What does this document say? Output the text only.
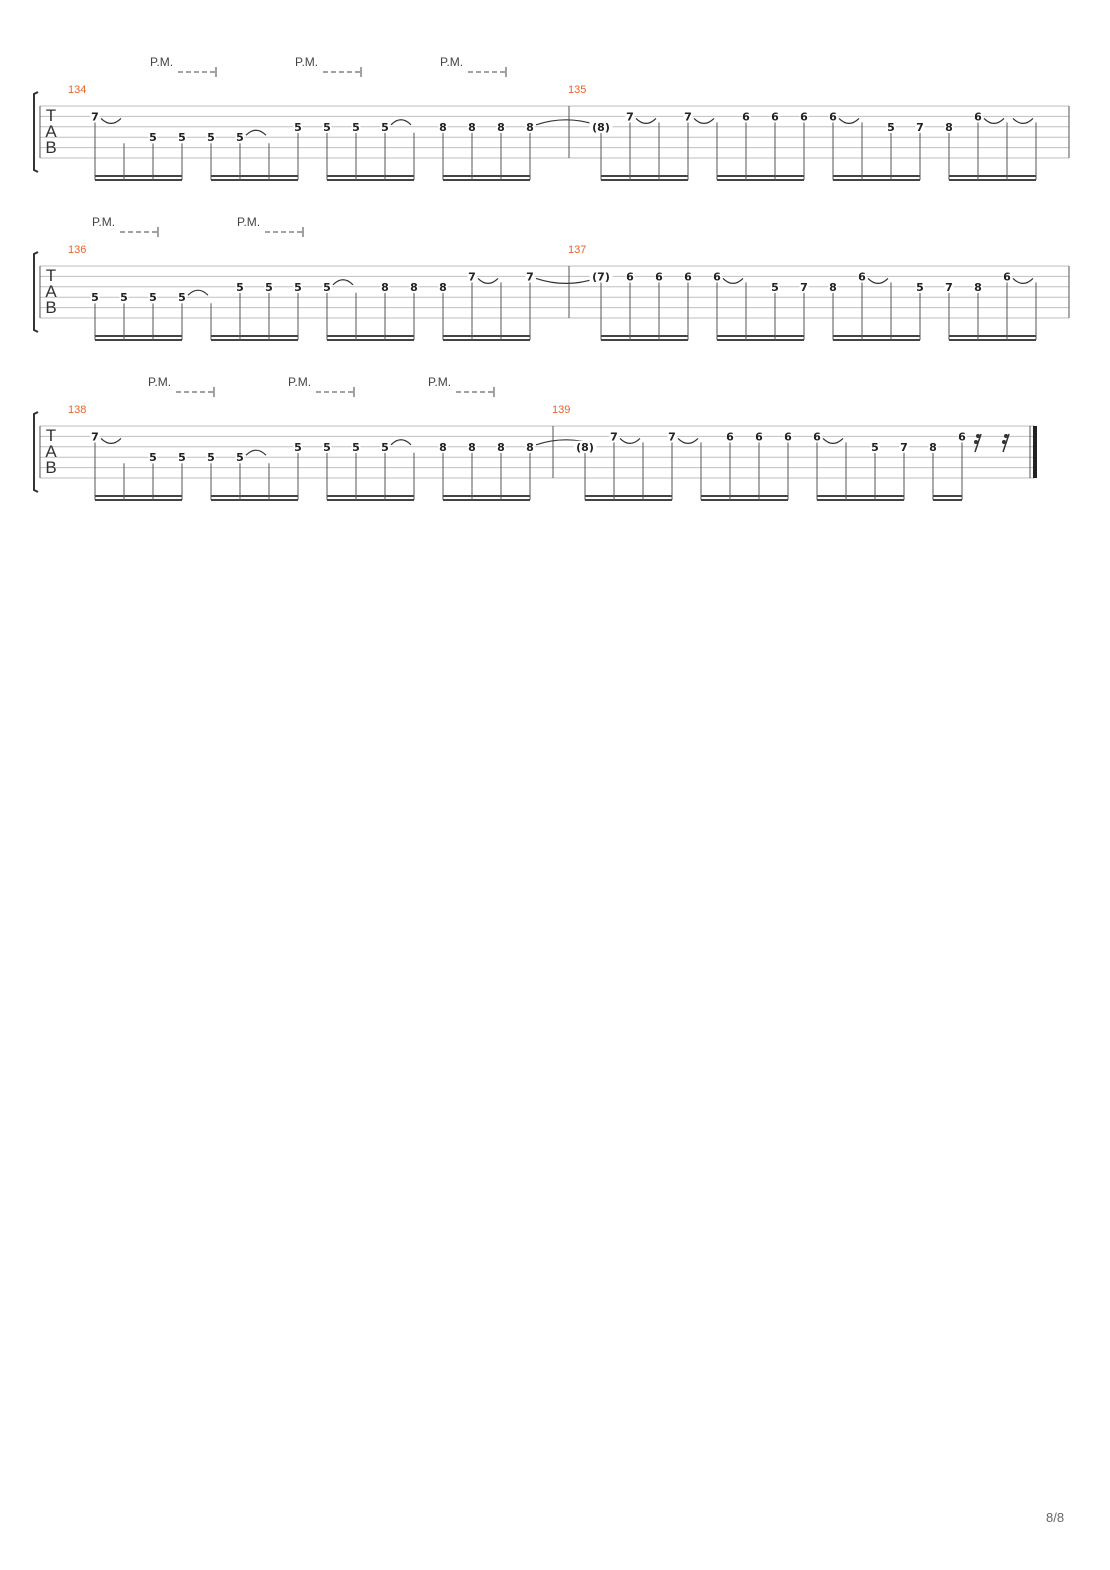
T
A
B
P.M.	P.M.	P.M.
134
7
5 5 5 5
5 5 5 5	8 8 8 8
135
(8)
7	7	6 6 6 6
5 7 8
6
T
A
B
P.M.	P.M.
136
5 5 5 5
5 5 5 5	8 8 8
7	7
137
(7) 6 6 6 6
5 7 8
6
5 7 8
6
T
A
B
P.M.	P.M.	P.M.
138
7
5 5 5 5
5 5 5 5	8 8 8 8
139
(8)
7	7	6 6 6 6
5 7 8
6
8/8
